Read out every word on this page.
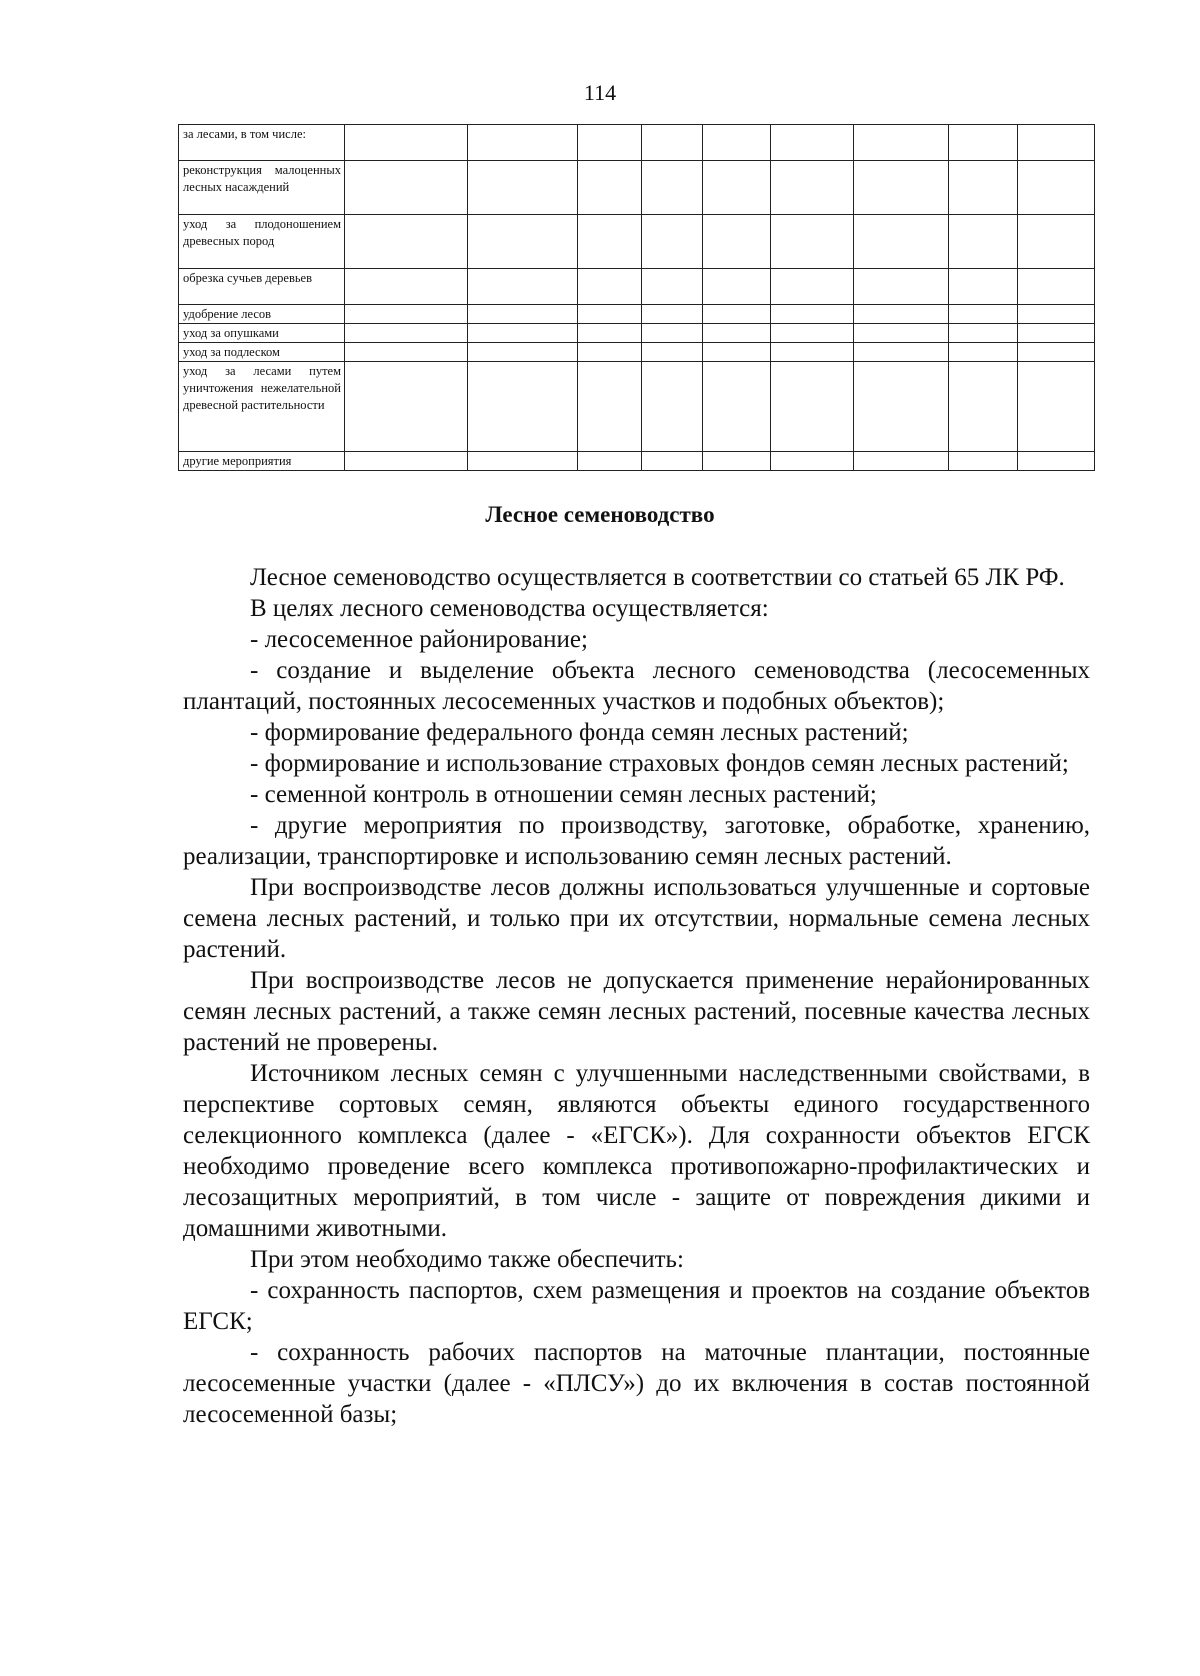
114
за лесами, в том числе:									
реконструкция малоценных лесных насаждений									
уход за плодоношением древесных пород									
обрезка сучьев деревьев									
удобрение лесов									
уход за опушками									
уход за подлеском									
уход за лесами путем уничтожения нежелательной древесной растительности									
другие мероприятия									
Лесное семеноводство

Лесное семеноводство осуществляется в соответствии со статьей 65 ЛК РФ.

В целях лесного семеноводства осуществляется:

- лесосеменное районирование;

- создание и выделение объекта лесного семеноводства (лесосеменных плантаций, постоянных лесосеменных участков и подобных объектов);

- формирование федерального фонда семян лесных растений;

- формирование и использование страховых фондов семян лесных растений;

- семенной контроль в отношении семян лесных растений;

- другие мероприятия по производству, заготовке, обработке, хранению, реализации, транспортировке и использованию семян лесных растений.

При воспроизводстве лесов должны использоваться улучшенные и сортовые семена лесных растений, и только при их отсутствии, нормальные семена лесных растений.

При воспроизводстве лесов не допускается применение нерайонированных семян лесных растений, а также семян лесных растений, посевные качества лесных растений не проверены.

Источником лесных семян с улучшенными наследственными свойствами, в перспективе сортовых семян, являются объекты единого государственного селекционного комплекса (далее - «ЕГСК»). Для сохранности объектов ЕГСК необходимо проведение всего комплекса противопожарно-профилактических и лесозащитных мероприятий, в том числе - защите от повреждения дикими и домашними животными.

При этом необходимо также обеспечить:

- сохранность паспортов, схем размещения и проектов на создание объектов ЕГСК;

- сохранность рабочих паспортов на маточные плантации, постоянные лесосеменные участки (далее - «ПЛСУ») до их включения в состав постоянной лесосеменной базы;
